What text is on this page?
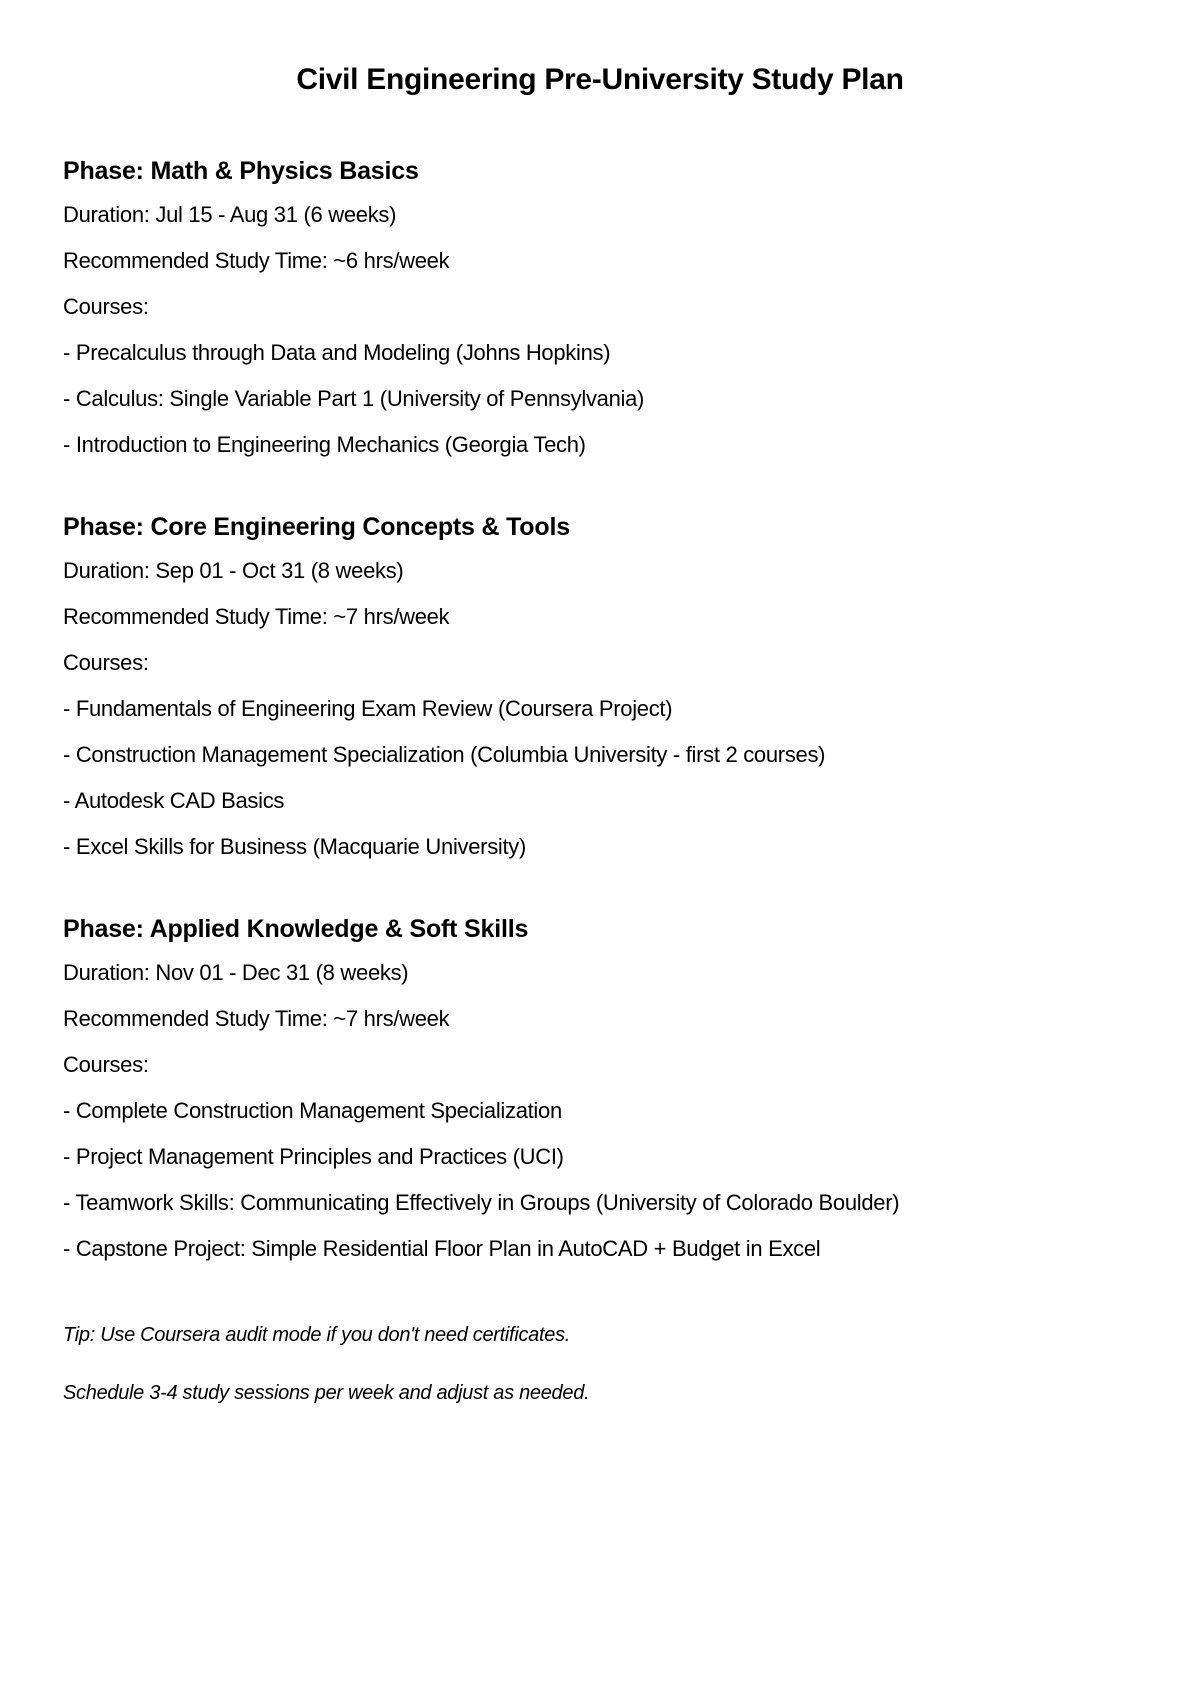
Civil Engineering Pre-University Study Plan
Phase: Math & Physics Basics
Duration: Jul 15 - Aug 31 (6 weeks)
Recommended Study Time: ~6 hrs/week
Courses:
- Precalculus through Data and Modeling (Johns Hopkins)
- Calculus: Single Variable Part 1 (University of Pennsylvania)
- Introduction to Engineering Mechanics (Georgia Tech)
Phase: Core Engineering Concepts & Tools
Duration: Sep 01 - Oct 31 (8 weeks)
Recommended Study Time: ~7 hrs/week
Courses:
- Fundamentals of Engineering Exam Review (Coursera Project)
- Construction Management Specialization (Columbia University - first 2 courses)
- Autodesk CAD Basics
- Excel Skills for Business (Macquarie University)
Phase: Applied Knowledge & Soft Skills
Duration: Nov 01 - Dec 31 (8 weeks)
Recommended Study Time: ~7 hrs/week
Courses:
- Complete Construction Management Specialization
- Project Management Principles and Practices (UCI)
- Teamwork Skills: Communicating Effectively in Groups (University of Colorado Boulder)
- Capstone Project: Simple Residential Floor Plan in AutoCAD + Budget in Excel
Tip: Use Coursera audit mode if you don't need certificates.
Schedule 3-4 study sessions per week and adjust as needed.
